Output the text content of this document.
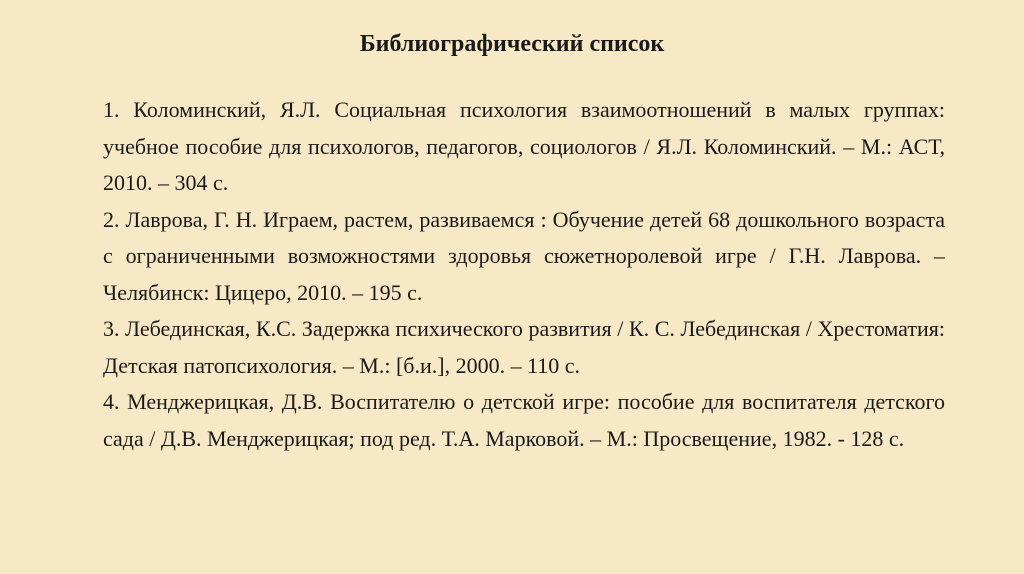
Библиографический список
1. Коломинский, Я.Л. Социальная психология взаимоотношений в малых группах: учебное пособие для психологов, педагогов, социологов / Я.Л. Коломинский. – М.: АСТ, 2010. – 304 с.
2. Лаврова, Г. Н. Играем, растем, развиваемся : Обучение детей 68 дошкольного возраста с ограниченными возможностями здоровья сюжетноролевой игре / Г.Н. Лаврова. – Челябинск: Цицеро, 2010. – 195 с.
3. Лебединская, К.С. Задержка психического развития / К. С. Лебединская / Хрестоматия: Детская патопсихология. – М.: [б.и.], 2000. – 110 с.
4. Менджерицкая, Д.В. Воспитателю о детской игре: пособие для воспитателя детского сада / Д.В. Менджерицкая; под ред. Т.А. Марковой. – М.: Просвещение, 1982. - 128 с.
